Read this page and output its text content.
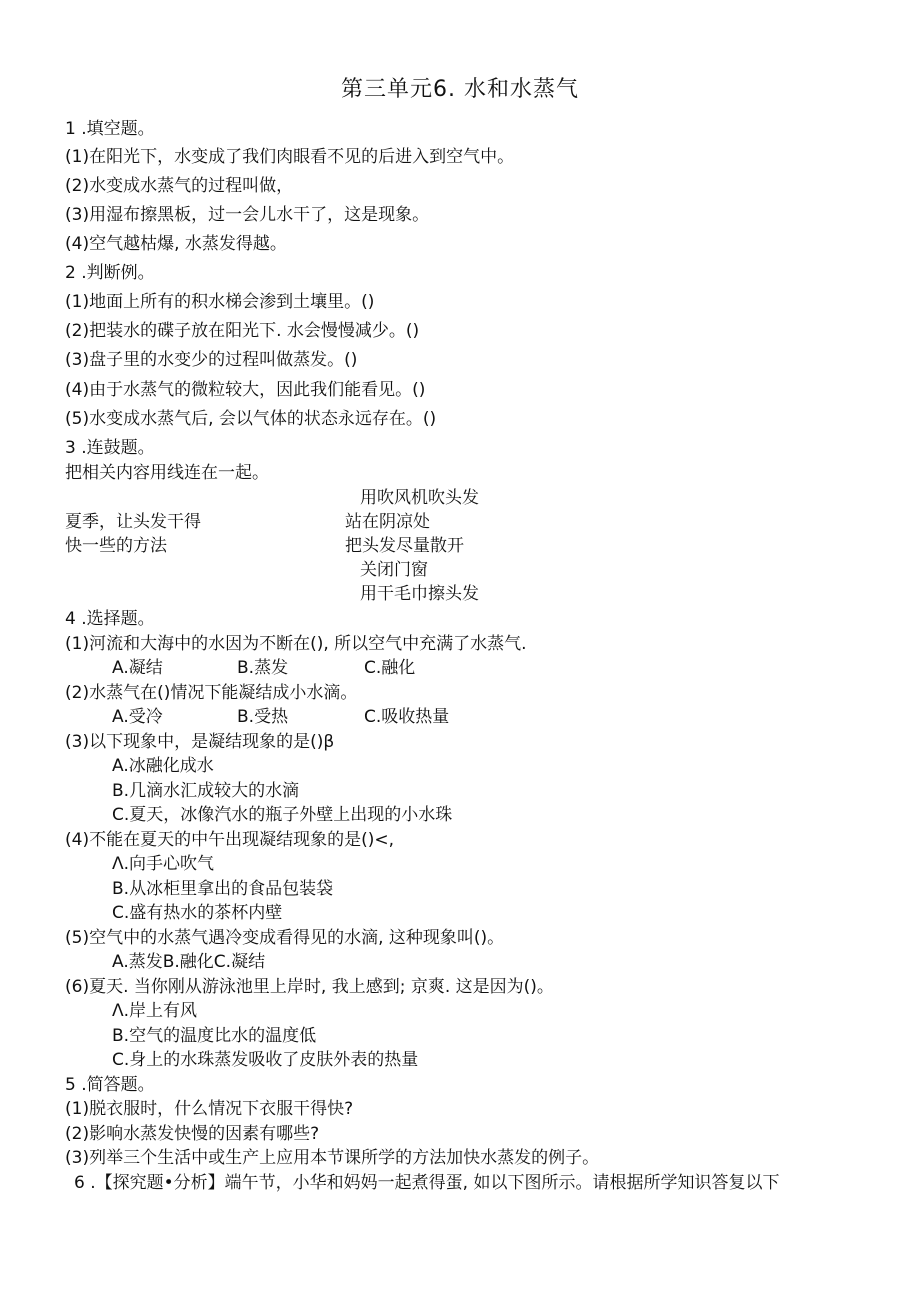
第三单元6. 水和水蒸气
1 .填空题。
(1)在阳光下，水变成了我们肉眼看不见的后进入到空气中。
(2)水变成水蒸气的过程叫做，
(3)用湿布擦黑板，过一会儿水干了，这是现象。
(4)空气越枯爆, 水蒸发得越。
2 .判断例。
(1)地面上所有的积水梯会渗到土壤里。()
(2)把装水的碟子放在阳光下. 水会慢慢减少。()
(3)盘子里的水变少的过程叫做蒸发。()
(4)由于水蒸气的微粒较大，因此我们能看见。()
(5)水变成水蒸气后, 会以气体的状态永远存在。()
3 .连鼓题。
把相关内容用线连在一起。
用吹风机吹头发
夏季，让头发干得	站在阴凉处
快一些的方法	把头发尽量散开
关闭门窗
用干毛巾擦头发
4 .选择题。
(1)河流和大海中的水因为不断在(), 所以空气中充满了水蒸气.
A.凝结	B.蒸发	C.融化
(2)水蒸气在()情况下能凝结成小水滴。
A.受冷	B.受热	C.吸收热量
(3)以下现象中，是凝结现象的是()β
A.冰融化成水
B.几滴水汇成较大的水滴
C.夏天，冰像汽水的瓶子外壁上出现的小水珠
(4)不能在夏天的中午出现凝结现象的是()<,
Λ.向手心吹气
B.从冰柜里拿出的食品包装袋
C.盛有热水的茶杯内壁
(5)空气中的水蒸气遇冷变成看得见的水滴, 这种现象叫()。
A.蒸发B.融化C.凝结
(6)夏天. 当你刚从游泳池里上岸时, 我上感到; 京爽. 这是因为()。
Λ.岸上有风
B.空气的温度比水的温度低
C.身上的水珠蒸发吸收了皮肤外表的热量
5 .简答题。
(1)脱衣服时，什么情况下衣服干得快?
(2)影响水蒸发快慢的因素有哪些?
(3)列举三个生活中或生产上应用本节课所学的方法加快水蒸发的例子。
6 .【探究题•分析】端午节，小华和妈妈一起煮得蛋, 如以下图所示。请根据所学知识答复以下
